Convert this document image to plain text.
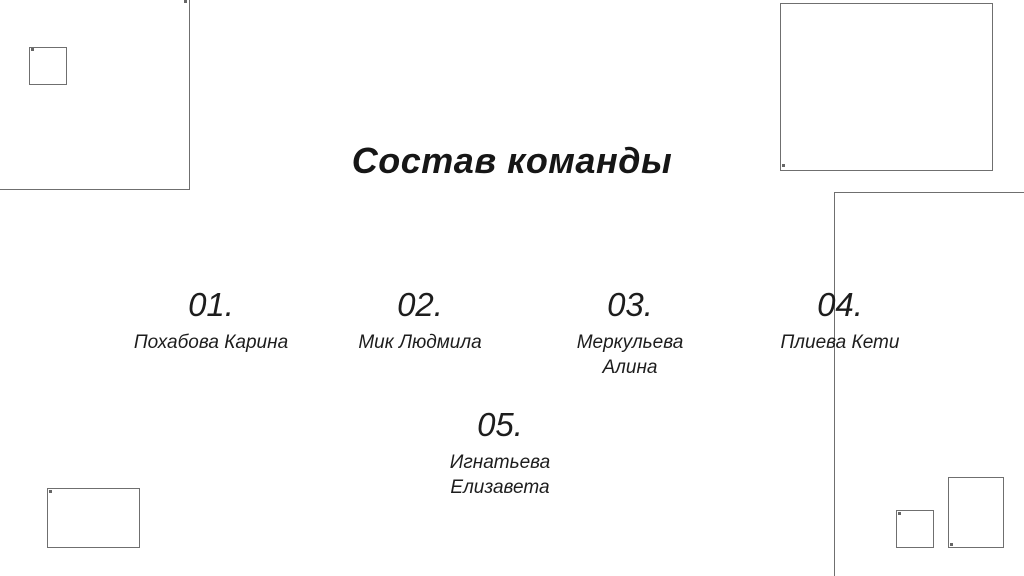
Состав команды
01.
Похабова Карина
02.
Мик Людмила
03.
Меркульева Алина
04.
Плиева Кети
05.
Игнатьева Елизавета
